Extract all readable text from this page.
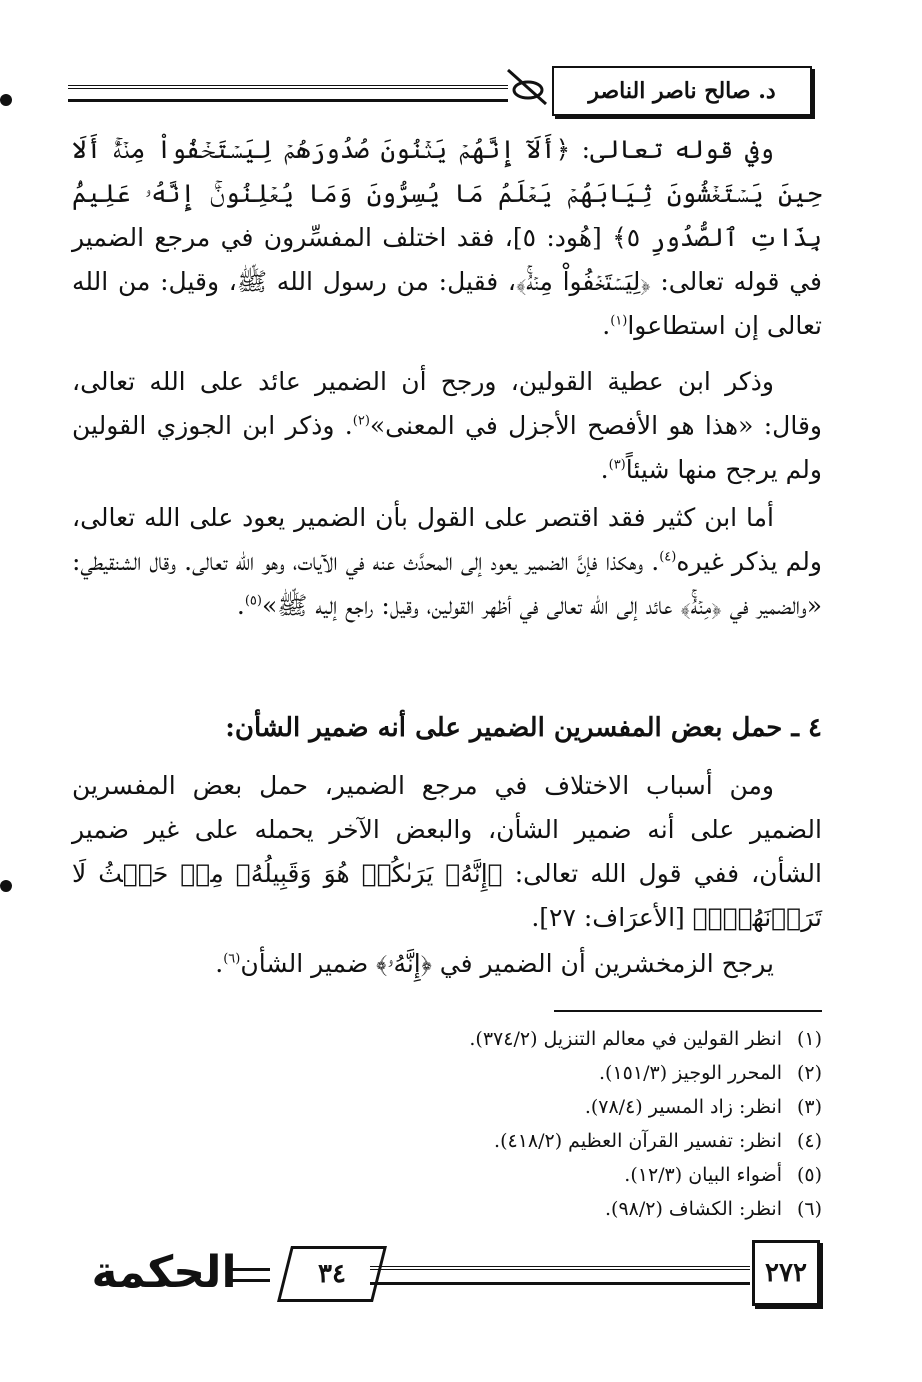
د. صالح ناصر الناصر

وفي قوله تعالى: ﴿أَلَآ إِنَّهُمۡ يَثۡنُونَ صُدُورَهُمۡ لِيَسۡتَخۡفُواْ مِنۡهُۚ أَلَا حِينَ يَسۡتَغۡشُونَ ثِيَابَهُمۡ يَعۡلَمُ مَا يُسِرُّونَ وَمَا يُعۡلِنُونَۚ إِنَّهُۥ عَلِيمُۢ بِذَاتِ ٱلصُّدُورِ ٥﴾ [هُود: ٥]، فقد اختلف المفسِّرون في مرجع الضمير في قوله تعالى: ﴿لِيَسۡتَخۡفُواْ مِنۡهُۚ﴾، فقيل: من رسول الله ﷺ، وقيل: من الله تعالى إن استطاعوا$^{(١)}$.

وذكر ابن عطية القولين، ورجح أن الضمير عائد على الله تعالى، وقال: «هذا هو الأفصح الأجزل في المعنى»$^{(٢)}$. وذكر ابن الجوزي القولين ولم يرجح منها شيئاً$^{(٣)}$.

أما ابن كثير فقد اقتصر على القول بأن الضمير يعود على الله تعالى، ولم يذكر غيره$^{(٤)}$. وهكذا فإنَّ الضمير يعود إلى المحدَّث عنه في الآيات، وهو الله تعالى. وقال الشنقيطي: «والضمير في ﴿مِنۡهُۚ﴾ عائد إلى الله تعالى في أظهر القولين، وقيل: راجع إليه ﷺ»$^{(٥)}$.

٤ ـ حمل بعض المفسرين الضمير على أنه ضمير الشأن:

ومن أسباب الاختلاف في مرجع الضمير، حمل بعض المفسرين الضمير على أنه ضمير الشأن، والبعض الآخر يحمله على غير ضمير الشأن، ففي قول الله تعالى: ﴿إِنَّهُۥ يَرَىٰكُمۡ هُوَ وَقَبِيلُهُۥ مِنۡ حَيۡثُ لَا تَرَوۡنَهُمۡۗ﴾ [الأعرَاف: ٢٧].

يرجح الزمخشرين أن الضمير في ﴿إِنَّهُۥ﴾ ضمير الشأن$^{(٦)}$.

(١)انظر القولين في معالم التنزيل (٣٧٤/٢).
(٢)المحرر الوجيز (١٥١/٣).
(٣)انظر: زاد المسير (٧٨/٤).
(٤)انظر: تفسير القرآن العظيم (٤١٨/٢).
(٥)أضواء البيان (١٢/٣).
(٦)انظر: الكشاف (٩٨/٢).
٢٧٢
٣٤
الحكمة
